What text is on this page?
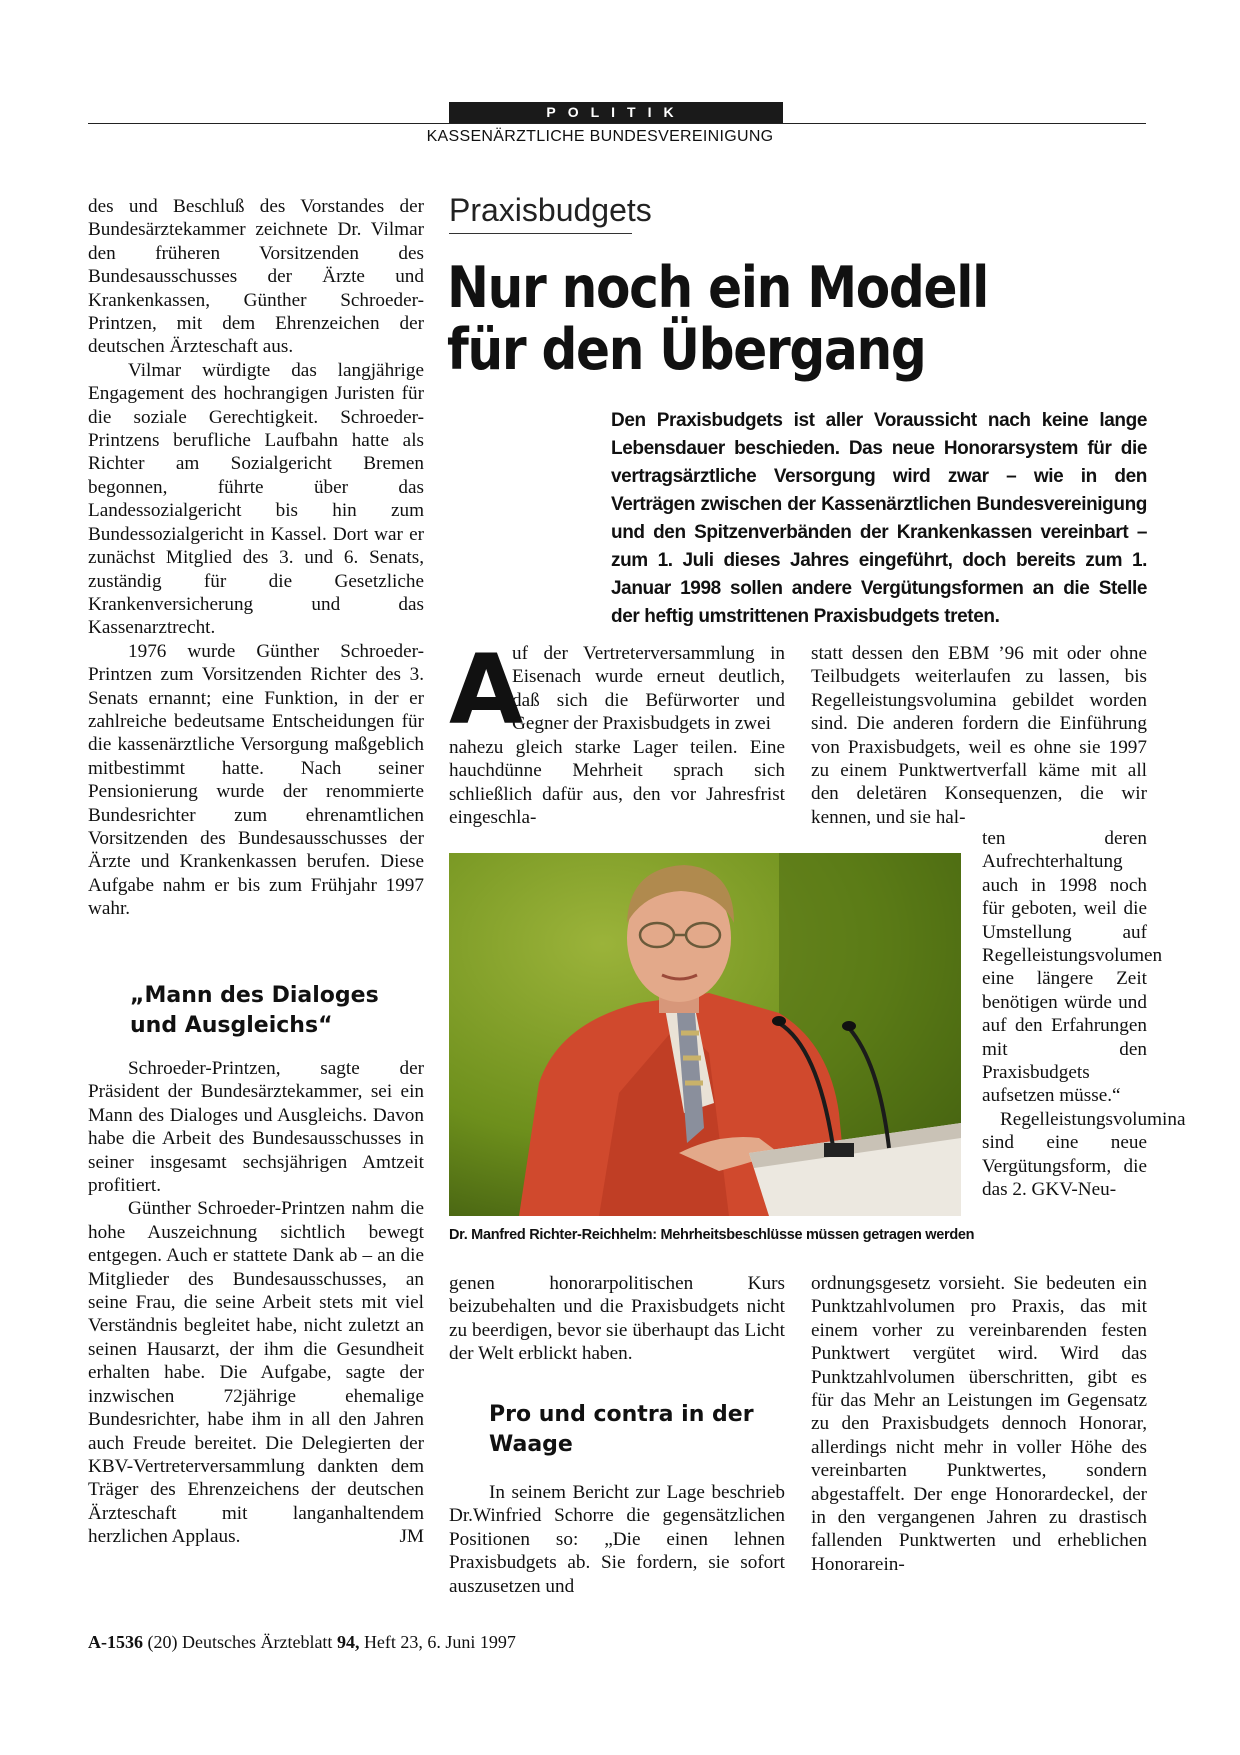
POLITIK
KASSENÄRZTLICHE BUNDESVEREINIGUNG

des und Beschluß des Vorstandes der Bundesärztekammer zeichnete Dr. Vilmar den früheren Vorsitzenden des Bundesausschusses der Ärzte und Krankenkassen, Günther Schroeder-Printzen, mit dem Ehrenzeichen der deutschen Ärzteschaft aus.

Vilmar würdigte das langjährige Engagement des hochrangigen Juristen für die soziale Gerechtigkeit. Schroeder-Printzens berufliche Laufbahn hatte als Richter am Sozialgericht Bremen begonnen, führte über das Landessozialgericht bis hin zum Bundessozialgericht in Kassel. Dort war er zunächst Mitglied des 3. und 6. Senats, zuständig für die Gesetzliche Krankenversicherung und das Kassenarztrecht.

1976 wurde Günther Schroeder-Printzen zum Vorsitzenden Richter des 3. Senats ernannt; eine Funktion, in der er zahlreiche bedeutsame Entscheidungen für die kassenärztliche Versorgung maßgeblich mitbestimmt hatte. Nach seiner Pensionierung wurde der renommierte Bundesrichter zum ehrenamtlichen Vorsitzenden des Bundesausschusses der Ärzte und Krankenkassen berufen. Diese Aufgabe nahm er bis zum Frühjahr 1997 wahr.

„Mann des Dialoges und Ausgleichs“

Schroeder-Printzen, sagte der Präsident der Bundesärztekammer, sei ein Mann des Dialoges und Ausgleichs. Davon habe die Arbeit des Bundesausschusses in seiner insgesamt sechsjährigen Amtzeit profitiert.

Günther Schroeder-Printzen nahm die hohe Auszeichnung sichtlich bewegt entgegen. Auch er stattete Dank ab – an die Mitglieder des Bundesausschusses, an seine Frau, die seine Arbeit stets mit viel Verständnis begleitet habe, nicht zuletzt an seinen Hausarzt, der ihm die Gesundheit erhalten habe. Die Aufgabe, sagte der inzwischen 72jährige ehemalige Bundesrichter, habe ihm in all den Jahren auch Freude bereitet. Die Delegierten der KBV-Vertreterversammlung dankten dem Träger des Ehrenzeichens der deutschen Ärzteschaft mit langanhaltendem herzlichen Applaus.	JM
Praxisbudgets
Nur noch ein Modell
für den Übergang
Den Praxisbudgets ist aller Voraussicht nach keine lange Lebensdauer beschieden. Das neue Honorarsystem für die vertragsärztliche Versorgung wird zwar – wie in den Verträgen zwischen der Kassenärztlichen Bundesvereinigung und den Spitzenverbänden der Krankenkassen vereinbart – zum 1. Juli dieses Jahres eingeführt, doch bereits zum 1. Januar 1998 sollen andere Vergütungsformen an die Stelle der heftig umstrittenen Praxisbudgets treten.
A

uf der Vertreterversammlung in Eisenach wurde erneut deutlich, daß sich die Befürworter und Gegner der Praxisbudgets in zwei

nahezu gleich starke Lager teilen. Eine hauchdünne Mehrheit sprach sich schließlich dafür aus, den vor Jahresfrist eingeschla-

statt dessen den EBM ’96 mit oder ohne Teilbudgets weiterlaufen zu lassen, bis Regelleistungsvolumina gebildet worden sind. Die anderen fordern die Einführung von Praxisbudgets, weil es ohne sie 1997 zu einem Punktwertverfall käme mit all den deletären Konsequenzen, die wir kennen, und sie hal-

ten deren Aufrechterhaltung auch in 1998 noch für geboten, weil die Umstellung auf Regelleistungsvolumen eine längere Zeit benötigen würde und auf den Erfahrungen mit den Praxisbudgets aufsetzen müsse.“

Regelleistungsvolumina sind eine neue Vergütungsform, die das 2. GKV-Neu-

Dr. Manfred Richter-Reichhelm: Mehrheitsbeschlüsse müssen getragen werden

genen honorarpolitischen Kurs beizubehalten und die Praxisbudgets nicht zu beerdigen, bevor sie überhaupt das Licht der Welt erblickt haben.

Pro und contra in der Waage

In seinem Bericht zur Lage beschrieb Dr.Winfried Schorre die gegensätzlichen Positionen so: „Die einen lehnen Praxisbudgets ab. Sie fordern, sie sofort auszusetzen und

ordnungsgesetz vorsieht. Sie bedeuten ein Punktzahlvolumen pro Praxis, das mit einem vorher zu vereinbarenden festen Punktwert vergütet wird. Wird das Punktzahlvolumen überschritten, gibt es für das Mehr an Leistungen im Gegensatz zu den Praxisbudgets dennoch Honorar, allerdings nicht mehr in voller Höhe des vereinbarten Punktwertes, sondern abgestaffelt. Der enge Honorardeckel, der in den vergangenen Jahren zu drastisch fallenden Punktwerten und erheblichen Honorarein-

A-1536 (20) Deutsches Ärzteblatt 94, Heft 23, 6. Juni 1997
